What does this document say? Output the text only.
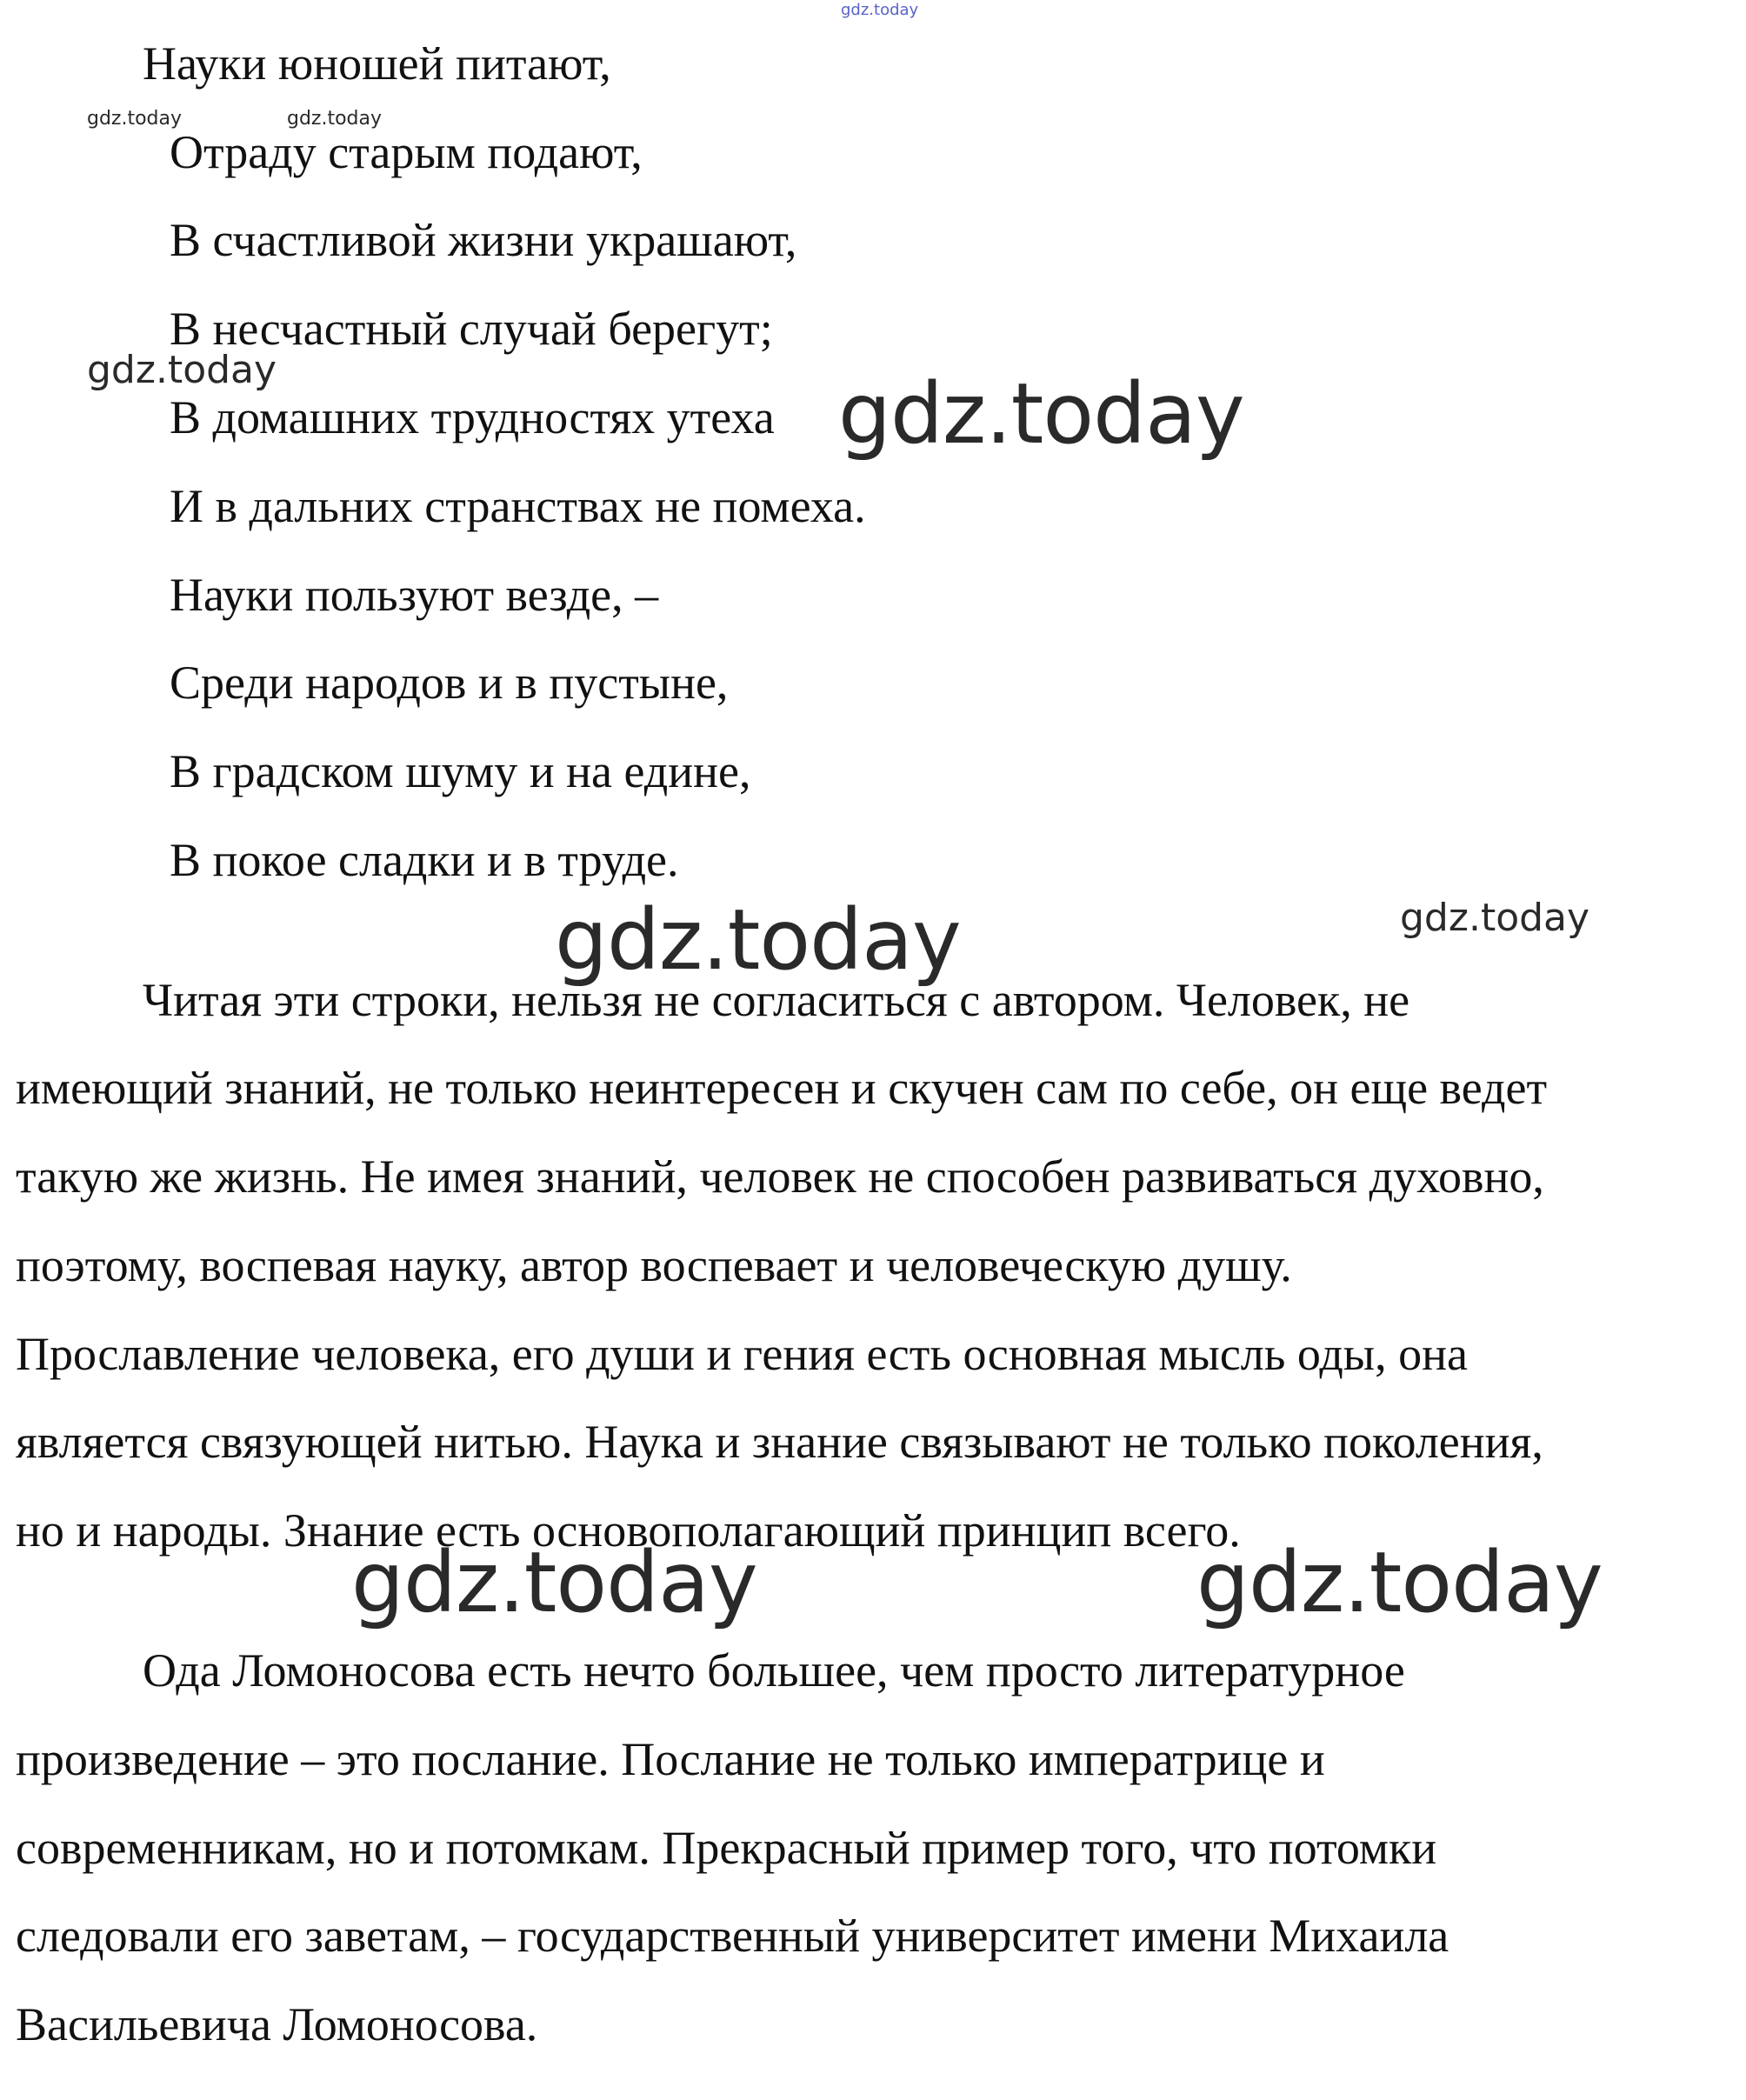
Науки юношей питают,
Отраду старым подают,
В счастливой жизни украшают,
В несчастный случай берегут;
В домашних трудностях утеха
И в дальних странствах не помеха.
Науки пользуют везде, –
Среди народов и в пустыне,
В градском шуму и на едине,
В покое сладки и в труде.
Читая эти строки, нельзя не согласиться с автором. Человек, не
имеющий знаний, не только неинтересен и скучен сам по себе, он еще ведет
такую же жизнь. Не имея знаний, человек не способен развиваться духовно,
поэтому, воспевая науку, автор воспевает и человеческую душу.
Прославление человека, его души и гения есть основная мысль оды, она
является связующей нитью. Наука и знание связывают не только поколения,
но и народы. Знание есть основополагающий принцип всего.
Ода Ломоносова есть нечто большее, чем просто литературное
произведение – это послание. Послание не только императрице и
современникам, но и потомкам. Прекрасный пример того, что потомки
следовали его заветам, – государственный университет имени Михаила
Васильевича Ломоносова.
gdz.today
gdz.today	gdz.today
gdz.today	gdz.today
gdz.today	gdz.today
gdz.today	gdz.today
